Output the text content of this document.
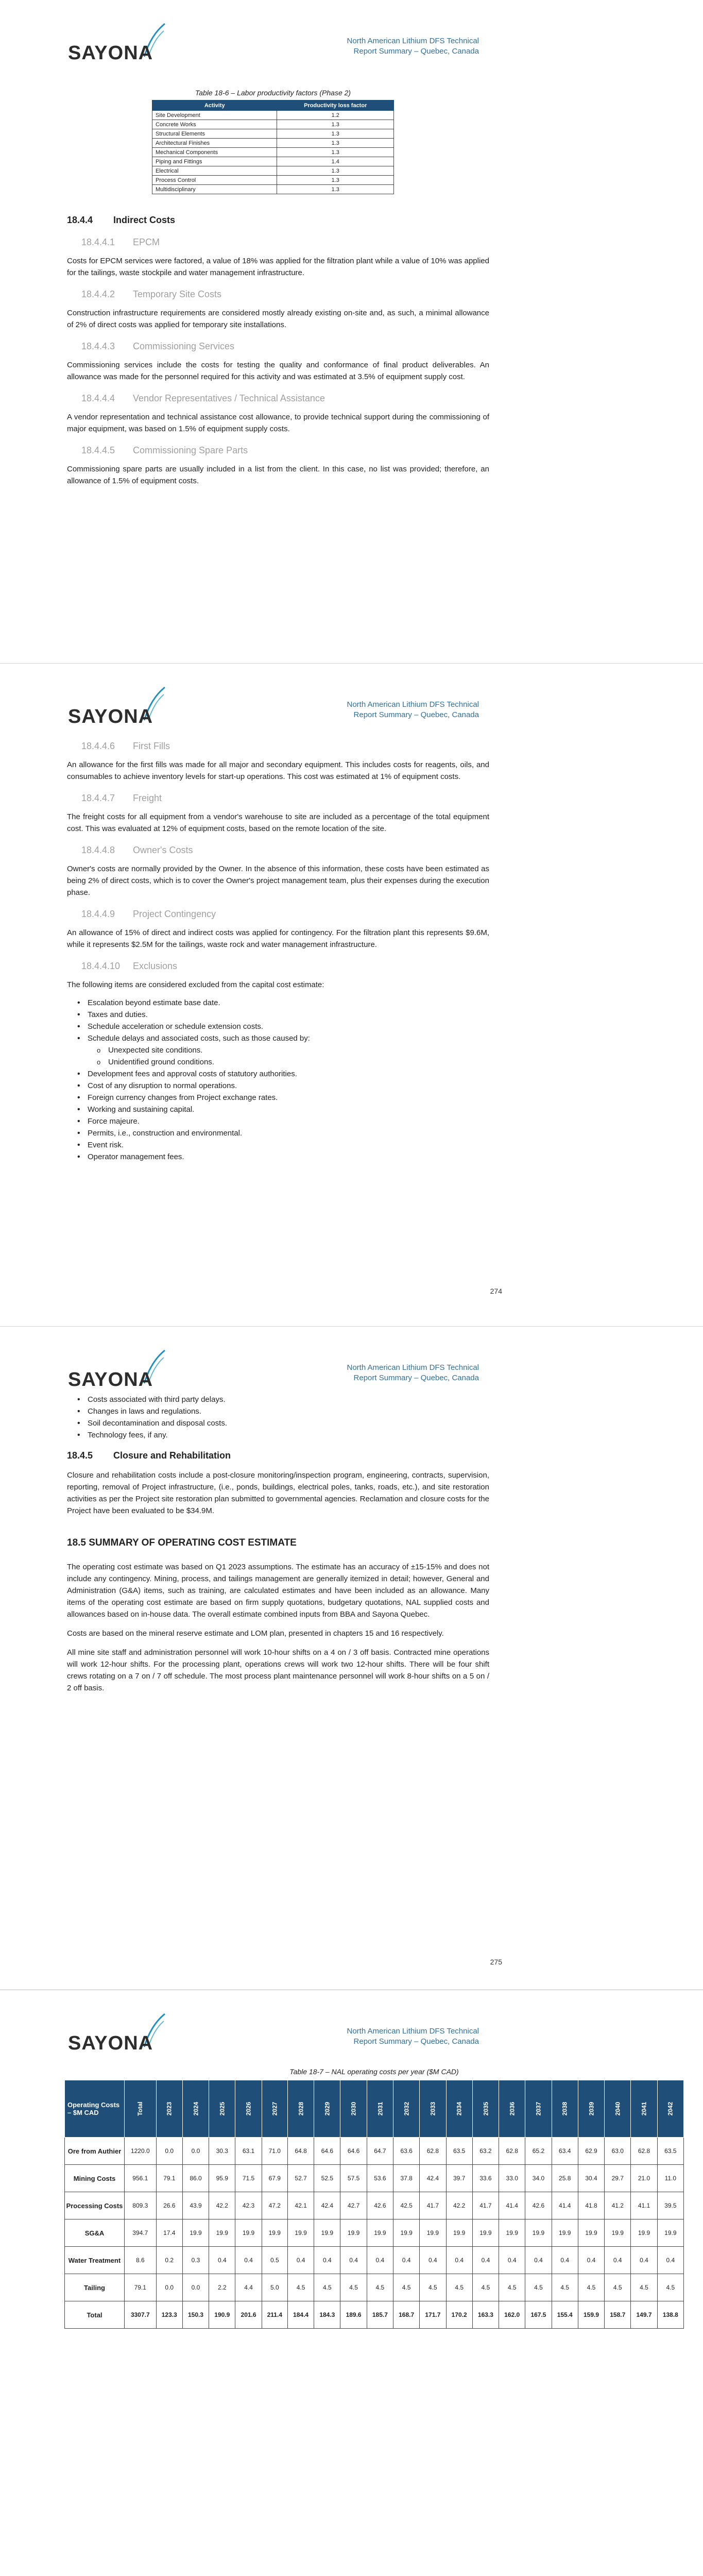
SAYONA
North American Lithium DFS Technical
Report Summary – Quebec, Canada
Table 18-6 – Labor productivity factors (Phase 2)
Activity	Productivity loss factor
Site Development	1.2
Concrete Works	1.3
Structural Elements	1.3
Architectural Finishes	1.3
Mechanical Components	1.3
Piping and Fittings	1.4
Electrical	1.3
Process Control	1.3
Multidisciplinary	1.3
18.4.4 Indirect Costs
18.4.4.1 EPCM

Costs for EPCM services were factored, a value of 18% was applied for the filtration plant while a value of 10% was applied for the tailings, waste stockpile and water management infrastructure.

18.4.4.2 Temporary Site Costs

Construction infrastructure requirements are considered mostly already existing on-site and, as such, a minimal allowance of 2% of direct costs was applied for temporary site installations.

18.4.4.3 Commissioning Services

Commissioning services include the costs for testing the quality and conformance of final product deliverables. An allowance was made for the personnel required for this activity and was estimated at 3.5% of equipment supply cost.

18.4.4.4 Vendor Representatives / Technical Assistance

A vendor representation and technical assistance cost allowance, to provide technical support during the commissioning of major equipment, was based on 1.5% of equipment supply costs.

18.4.4.5 Commissioning Spare Parts

Commissioning spare parts are usually included in a list from the client. In this case, no list was provided; therefore, an allowance of 1.5% of equipment costs.

SAYONA
North American Lithium DFS Technical
Report Summary – Quebec, Canada
18.4.4.6 First Fills

An allowance for the first fills was made for all major and secondary equipment. This includes costs for reagents, oils, and consumables to achieve inventory levels for start-up operations. This cost was estimated at 1% of equipment costs.

18.4.4.7 Freight

The freight costs for all equipment from a vendor's warehouse to site are included as a percentage of the total equipment cost. This was evaluated at 12% of equipment costs, based on the remote location of the site.

18.4.4.8 Owner's Costs

Owner's costs are normally provided by the Owner. In the absence of this information, these costs have been estimated as being 2% of direct costs, which is to cover the Owner's project management team, plus their expenses during the execution phase.

18.4.4.9 Project Contingency

An allowance of 15% of direct and indirect costs was applied for contingency. For the filtration plant this represents $9.6M, while it represents $2.5M for the tailings, waste rock and water management infrastructure.

18.4.4.10 Exclusions

The following items are considered excluded from the capital cost estimate:

• Escalation beyond estimate base date.
• Taxes and duties.
• Schedule acceleration or schedule extension costs.
• Schedule delays and associated costs, such as those caused by:
o Unexpected site conditions.
o Unidentified ground conditions.
• Development fees and approval costs of statutory authorities.
• Cost of any disruption to normal operations.
• Foreign currency changes from Project exchange rates.
• Working and sustaining capital.
• Force majeure.
• Permits, i.e., construction and environmental.
• Event risk.
• Operator management fees.
274
SAYONA
North American Lithium DFS Technical
Report Summary – Quebec, Canada
• Costs associated with third party delays.
• Changes in laws and regulations.
• Soil decontamination and disposal costs.
• Technology fees, if any.
18.4.5 Closure and Rehabilitation

Closure and rehabilitation costs include a post-closure monitoring/inspection program, engineering, contracts, supervision, reporting, removal of Project infrastructure, (i.e., ponds, buildings, electrical poles, tanks, roads, etc.), and site restoration activities as per the Project site restoration plan submitted to governmental agencies. Reclamation and closure costs for the Project have been evaluated to be $34.9M.

18.5 SUMMARY OF OPERATING COST ESTIMATE

The operating cost estimate was based on Q1 2023 assumptions. The estimate has an accuracy of ±15-15% and does not include any contingency. Mining, process, and tailings management are generally itemized in detail; however, General and Administration (G&A) items, such as training, are calculated estimates and have been included as an allowance. Many items of the operating cost estimate are based on firm supply quotations, budgetary quotations, NAL supplied costs and allowances based on in-house data. The overall estimate combined inputs from BBA and Sayona Quebec.

Costs are based on the mineral reserve estimate and LOM plan, presented in chapters 15 and 16 respectively.

All mine site staff and administration personnel will work 10-hour shifts on a 4 on / 3 off basis. Contracted mine operations will work 12-hour shifts. For the processing plant, operations crews will work two 12-hour shifts. There will be four shift crews rotating on a 7 on / 7 off schedule. The most process plant maintenance personnel will work 8-hour shifts on a 5 on / 2 off basis.

275
SAYONA
North American Lithium DFS Technical
Report Summary – Quebec, Canada
Table 18-7 – NAL operating costs per year ($M CAD)
Operating Costs – $M CAD	Total	2023	2024	2025	2026	2027	2028	2029	2030	2031	2032	2033	2034	2035	2036	2037	2038	2039	2040	2041	2042
Ore from Authier	1220.0	0.0	0.0	30.3	63.1	71.0	64.8	64.6	64.6	64.7	63.6	62.8	63.5	63.2	62.8	65.2	63.4	62.9	63.0	62.8	63.5
Mining Costs	956.1	79.1	86.0	95.9	71.5	67.9	52.7	52.5	57.5	53.6	37.8	42.4	39.7	33.6	33.0	34.0	25.8	30.4	29.7	21.0	11.0
Processing Costs	809.3	26.6	43.9	42.2	42.3	47.2	42.1	42.4	42.7	42.6	42.5	41.7	42.2	41.7	41.4	42.6	41.4	41.8	41.2	41.1	39.5
SG&A	394.7	17.4	19.9	19.9	19.9	19.9	19.9	19.9	19.9	19.9	19.9	19.9	19.9	19.9	19.9	19.9	19.9	19.9	19.9	19.9	19.9
Water Treatment	8.6	0.2	0.3	0.4	0.4	0.5	0.4	0.4	0.4	0.4	0.4	0.4	0.4	0.4	0.4	0.4	0.4	0.4	0.4	0.4	0.4
Tailing	79.1	0.0	0.0	2.2	4.4	5.0	4.5	4.5	4.5	4.5	4.5	4.5	4.5	4.5	4.5	4.5	4.5	4.5	4.5	4.5	4.5
Total	3307.7	123.3	150.3	190.9	201.6	211.4	184.4	184.3	189.6	185.7	168.7	171.7	170.2	163.3	162.0	167.5	155.4	159.9	158.7	149.7	138.8
